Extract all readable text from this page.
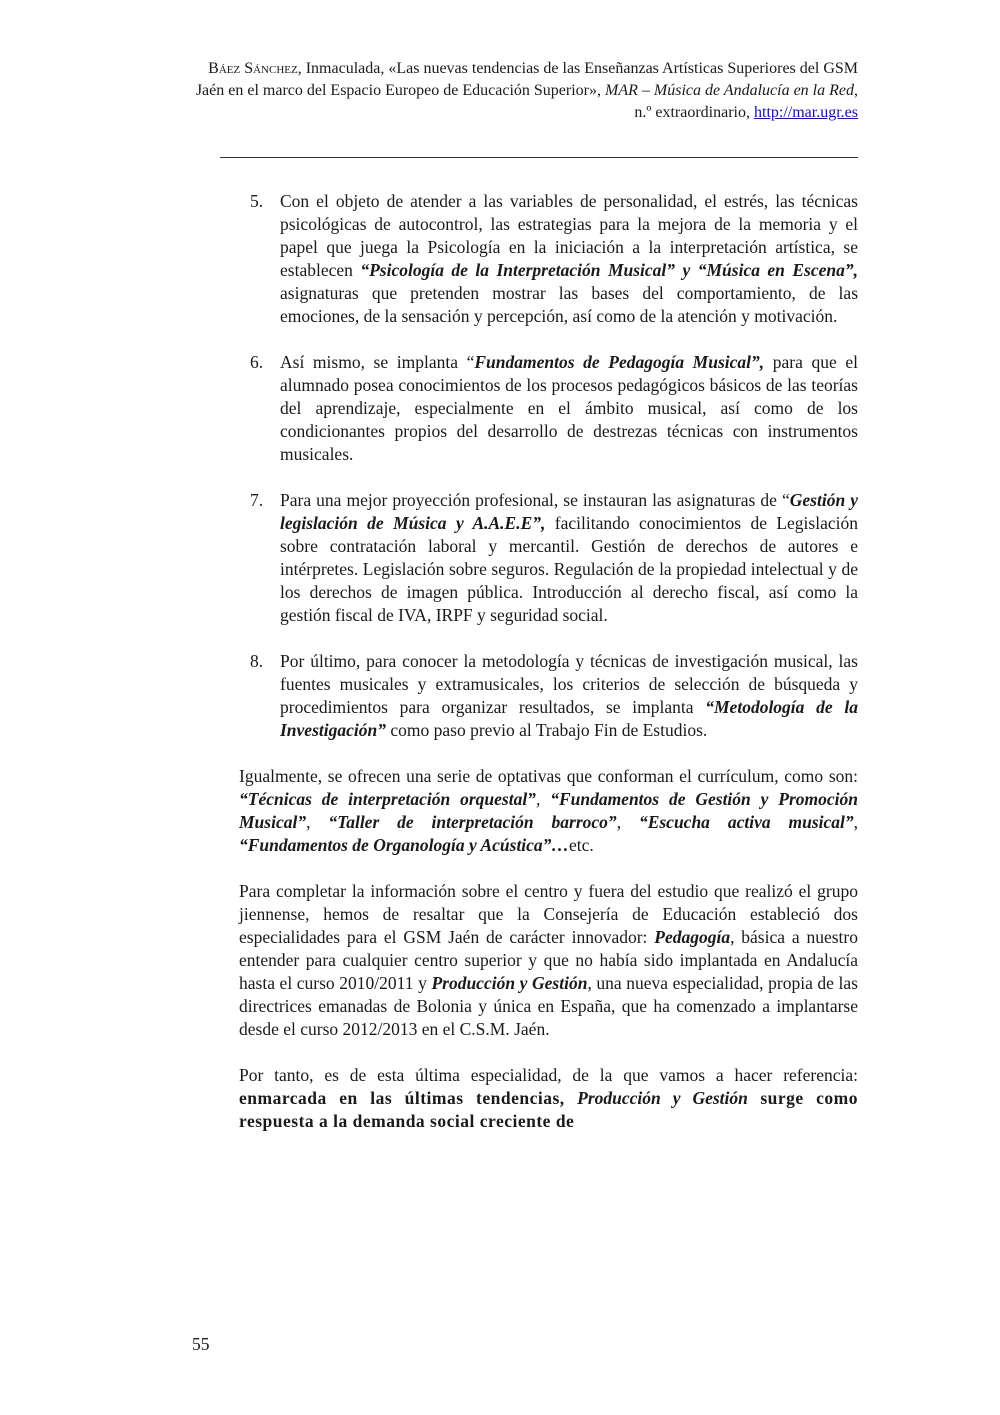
Báez Sánchez, Inmaculada, «Las nuevas tendencias de las Enseñanzas Artísticas Superiores del GSM Jaén en el marco del Espacio Europeo de Educación Superior», MAR – Música de Andalucía en la Red, n.º extraordinario, http://mar.ugr.es
5. Con el objeto de atender a las variables de personalidad, el estrés, las técnicas psicológicas de autocontrol, las estrategias para la mejora de la memoria y el papel que juega la Psicología en la iniciación a la interpretación artística, se establecen “Psicología de la Interpretación Musical” y “Música en Escena”, asignaturas que pretenden mostrar las bases del comportamiento, de las emociones, de la sensación y percepción, así como de la atención y motivación.
6. Así mismo, se implanta “Fundamentos de Pedagogía Musical”, para que el alumnado posea conocimientos de los procesos pedagógicos básicos de las teorías del aprendizaje, especialmente en el ámbito musical, así como de los condicionantes propios del desarrollo de destrezas técnicas con instrumentos musicales.
7. Para una mejor proyección profesional, se instauran las asignaturas de “Gestión y legislación de Música y A.A.E.E”, facilitando conocimientos de Legislación sobre contratación laboral y mercantil. Gestión de derechos de autores e intérpretes. Legislación sobre seguros. Regulación de la propiedad intelectual y de los derechos de imagen pública. Introducción al derecho fiscal, así como la gestión fiscal de IVA, IRPF y seguridad social.
8. Por último, para conocer la metodología y técnicas de investigación musical, las fuentes musicales y extramusicales, los criterios de selección de búsqueda y procedimientos para organizar resultados, se implanta “Metodología de la Investigación” como paso previo al Trabajo Fin de Estudios.

Igualmente, se ofrecen una serie de optativas que conforman el currículum, como son: “Técnicas de interpretación orquestal”, “Fundamentos de Gestión y Promoción Musical”, “Taller de interpretación barroco”, “Escucha activa musical”, “Fundamentos de Organología y Acústica”…etc.

Para completar la información sobre el centro y fuera del estudio que realizó el grupo jiennense, hemos de resaltar que la Consejería de Educación estableció dos especialidades para el GSM Jaén de carácter innovador: Pedagogía, básica a nuestro entender para cualquier centro superior y que no había sido implantada en Andalucía hasta el curso 2010/2011 y Producción y Gestión, una nueva especialidad, propia de las directrices emanadas de Bolonia y única en España, que ha comenzado a implantarse desde el curso 2012/2013 en el C.S.M. Jaén.

Por tanto, es de esta última especialidad, de la que vamos a hacer referencia: enmarcada en las últimas tendencias, Producción y Gestión surge como respuesta a la demanda social creciente de

55
